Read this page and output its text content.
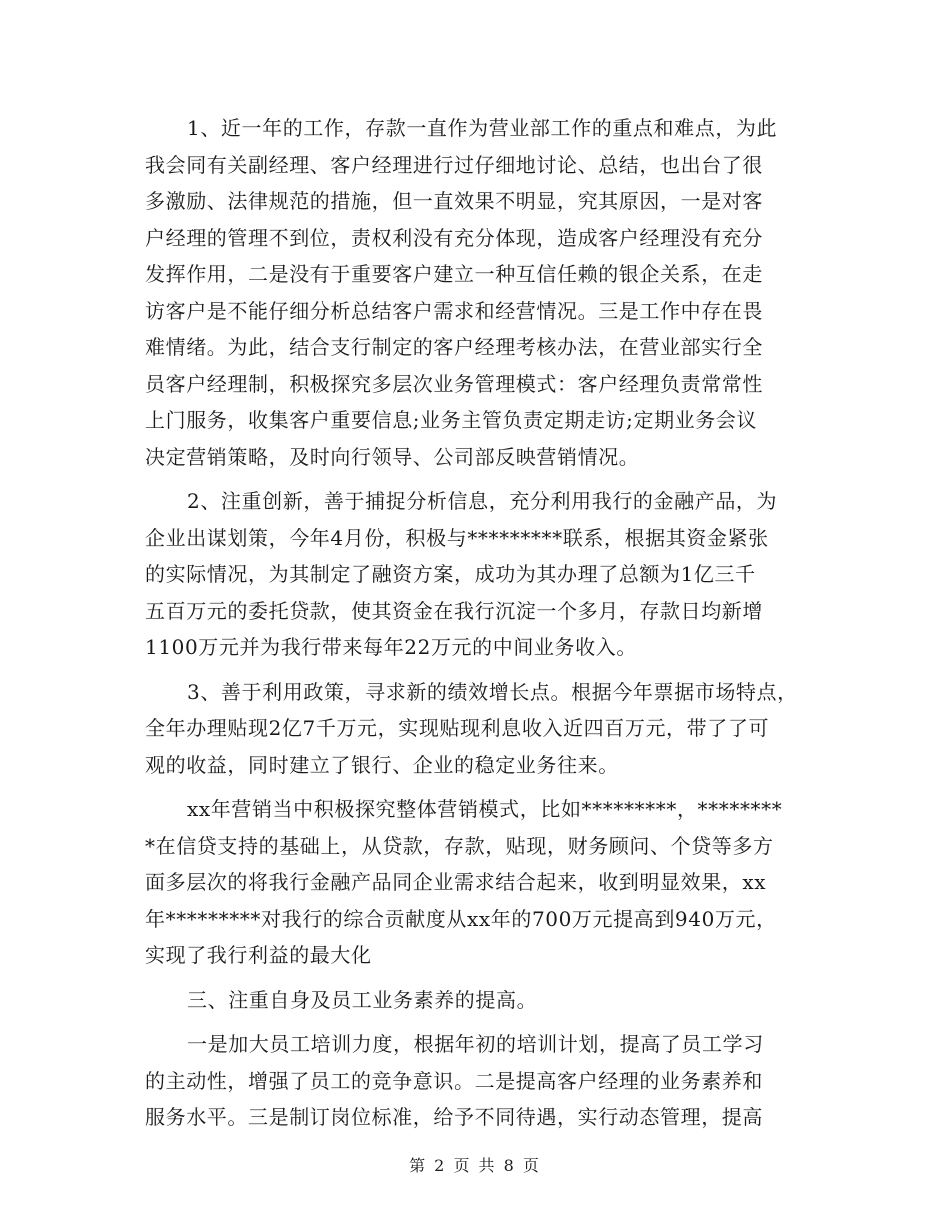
1、近一年的工作，存款一直作为营业部工作的重点和难点，为此
我会同有关副经理、客户经理进行过仔细地讨论、总结，也出台了很
多激励、法律规范的措施，但一直效果不明显，究其原因，一是对客
户经理的管理不到位，责权利没有充分体现，造成客户经理没有充分
发挥作用，二是没有于重要客户建立一种互信任赖的银企关系，在走
访客户是不能仔细分析总结客户需求和经营情况。三是工作中存在畏
难情绪。为此，结合支行制定的客户经理考核办法，在营业部实行全
员客户经理制，积极探究多层次业务管理模式：客户经理负责常常性
上门服务，收集客户重要信息;业务主管负责定期走访;定期业务会议
决定营销策略，及时向行领导、公司部反映营销情况。
2、注重创新，善于捕捉分析信息，充分利用我行的金融产品，为
企业出谋划策，今年4月份，积极与*********联系，根据其资金紧张
的实际情况，为其制定了融资方案，成功为其办理了总额为1亿三千
五百万元的委托贷款，使其资金在我行沉淀一个多月，存款日均新增
1100万元并为我行带来每年22万元的中间业务收入。
3、善于利用政策，寻求新的绩效增长点。根据今年票据市场特点，
全年办理贴现2亿7千万元，实现贴现利息收入近四百万元，带了了可
观的收益，同时建立了银行、企业的稳定业务往来。
xx年营销当中积极探究整体营销模式，比如*********，********
*在信贷支持的基础上，从贷款，存款，贴现，财务顾问、个贷等多方
面多层次的将我行金融产品同企业需求结合起来，收到明显效果，xx
年*********对我行的综合贡献度从xx年的700万元提高到940万元，
实现了我行利益的最大化
三、注重自身及员工业务素养的提高。
一是加大员工培训力度，根据年初的培训计划，提高了员工学习
的主动性，增强了员工的竞争意识。二是提高客户经理的业务素养和
服务水平。三是制订岗位标准，给予不同待遇，实行动态管理，提高
第 2 页 共 8 页
